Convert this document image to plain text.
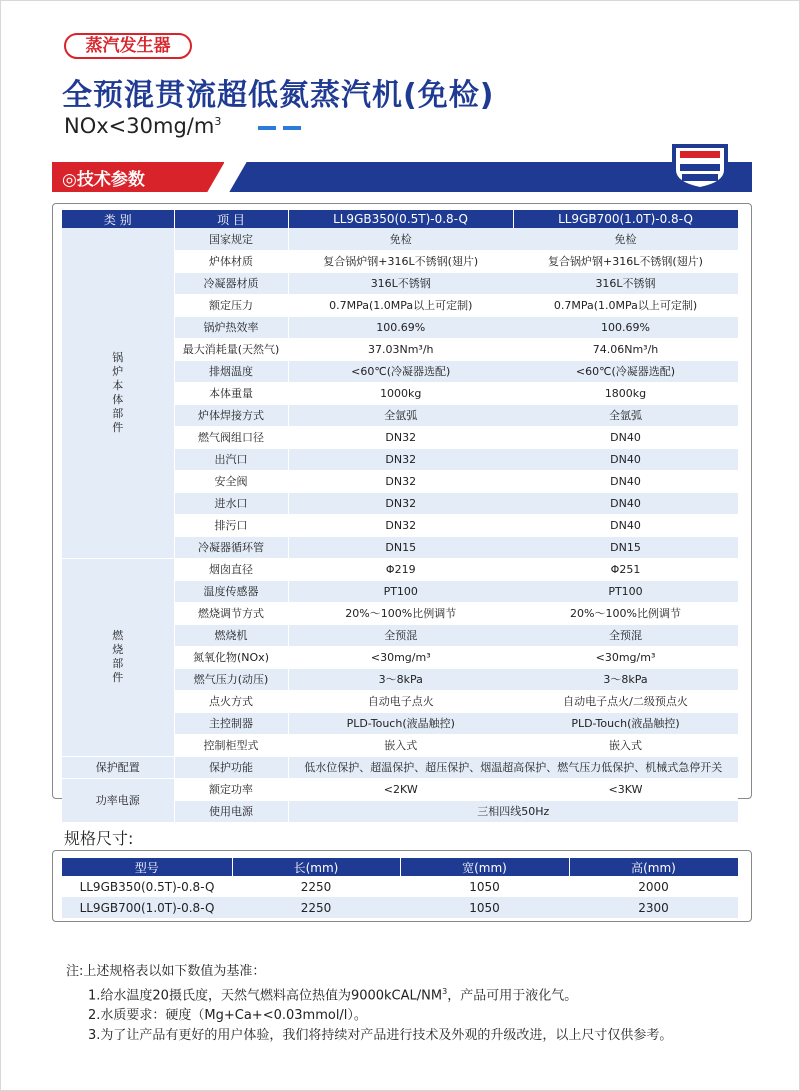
蒸汽发生器
全预混贯流超低氮蒸汽机(免检)
$NOx<30mg/m^3$
◎技术参数
类 别	项 目	LL9GB350(0.5T)-0.8-Q	LL9GB700(1.0T)-0.8-Q
锅炉本体部件	国家规定	免检	免检
	炉体材质	复合锅炉钢+316L不锈钢(翅片)	复合锅炉钢+316L不锈钢(翅片)
	冷凝器材质	316L不锈钢	316L不锈钢
	额定压力	0.7MPa(1.0MPa以上可定制)	0.7MPa(1.0MPa以上可定制)
	锅炉热效率	100.69%	100.69%
	最大消耗量(天然气)	37.03Nm³/h	74.06Nm³/h
	排烟温度	<60℃(冷凝器选配)	<60℃(冷凝器选配)
	本体重量	1000kg	1800kg
	炉体焊接方式	全氩弧	全氩弧
	燃气阀组口径	DN32	DN40
	出汽口	DN32	DN40
	安全阀	DN32	DN40
	进水口	DN32	DN40
	排污口	DN32	DN40
	冷凝器循环管	DN15	DN15
燃烧部件	烟囱直径	Φ219	Φ251
	温度传感器	PT100	PT100
	燃烧调节方式	20%～100%比例调节	20%～100%比例调节
	燃烧机	全预混	全预混
	氮氧化物(NOx)	<30mg/m³	<30mg/m³
	燃气压力(动压)	3～8kPa	3～8kPa
	点火方式	自动电子点火	自动电子点火/二级预点火
	主控制器	PLD-Touch(液晶触控)	PLD-Touch(液晶触控)
	控制柜型式	嵌入式	嵌入式
保护配置	保护功能	低水位保护、超温保护、超压保护、烟温超高保护、燃气压力低保护、机械式急停开关	
功率电源	额定功率	<2KW	<3KW
	使用电源	三相四线50Hz	
规格尺寸:
型号	长(mm)	宽(mm)	高(mm)
LL9GB350(0.5T)-0.8-Q	2250	1050	2000
LL9GB700(1.0T)-0.8-Q	2250	1050	2300
注:上述规格表以如下数值为基准：
1.给水温度20摄氏度，天然气燃料高位热值为$9000kCAL/NM^3$，产品可用于液化气。
2.水质要求：硬度（Mg+Ca+<0.03mmol/l）。
3.为了让产品有更好的用户体验，我们将持续对产品进行技术及外观的升级改进，以上尺寸仅供参考。
